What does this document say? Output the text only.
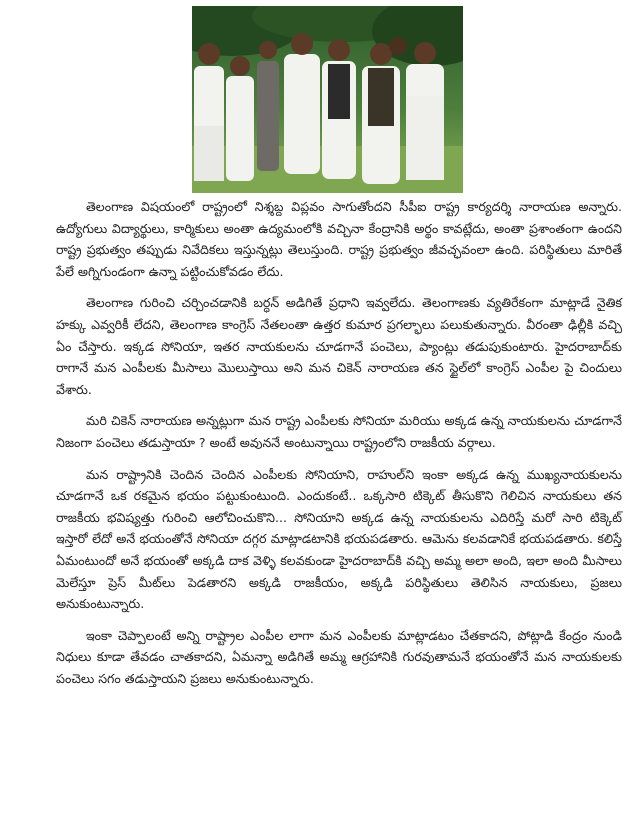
తెలంగాణ విషయంలో రాష్ట్రంలో నిశ్శబ్ద విప్లవం సాగుతోందని సీపీఐ రాష్ట్ర కార్యదర్శి నారాయణ అన్నారు. ఉద్యోగులు విద్యార్థులు, కార్మికులు అంతా ఉద్యమంలోకి వచ్చినా కేంద్రానికి అర్థం కావట్లేదు, అంతా ప్రశాంతంగా ఉందని రాష్ట్ర ప్రభుత్వం తప్పుడు నివేదికలు ఇస్తున్నట్లు తెలుస్తుంది. రాష్ట్ర ప్రభుత్వం జీవచ్ఛవంలా ఉంది. పరిస్థితులు మారితే పేలే అగ్నిగుండంగా ఉన్నా పట్టించుకోవడం లేదు.

తెలంగాణ గురించి చర్చించడానికి బర్ధన్ అడిగితే ప్రధాని ఇవ్వలేదు. తెలంగాణకు వ్యతిరేకంగా మాట్లాడే నైతిక హక్కు ఎవ్వరికీ లేదని, తెలంగాణ కాంగ్రెస్ నేతలంతా ఉత్తర కుమార ప్రగల్భాలు పలుకుతున్నారు. వీరంతా ఢిల్లీకి వచ్చి ఏం చేస్తారు. ఇక్కడ సోనియా, ఇతర నాయకులను చూడగానే పంచెలు, ప్యాంట్లు తడుపుకుంటారు. హైదరాబాద్‌కు రాగానే మన ఎంపీలకు మీసాలు మొలుస్తాయి అని మన చికెన్ నారాయణ తన స్టైల్‌లో కాంగ్రెస్ ఎంపీల పై చిందులు వేశారు.

మరి చికెన్ నారాయణ అన్నట్లుగా మన రాష్ట్ర ఎంపీలకు సోనియా మరియు అక్కడ ఉన్న నాయకులను చూడగానే నిజంగా పంచెలు తడుస్తాయా ? అంటే అవుననే అంటున్నాయి రాష్ట్రంలోని రాజకీయ వర్గాలు.

మన రాష్ట్రానికి చెందిన చెందిన ఎంపీలకు సోనియాని, రాహుల్‌ని ఇంకా అక్కడ ఉన్న ముఖ్యనాయకులను చూడగానే ఒక రకమైన భయం పట్టుకుంటుంది. ఎందుకంటే.. ఒక్కసారి టిక్కెట్ తీసుకొని గెలిచిన నాయకులు తన రాజకీయ భవిష్యత్తు గురించి ఆలోచించుకొని... సోనియాని అక్కడ ఉన్న నాయకులను ఎదిరిస్తే మరో సారి టిక్కెట్ ఇస్తారో లేదో అనే భయంతోనే సోనియా దగ్గర మాట్లాడటానికి భయపడతారు. ఆమెను కలవడానికే భయపడతారు. కలిస్తే ఏమంటుందో అనే భయంతో అక్కడి దాక వెళ్ళి కలవకుండా హైదరాబాద్‌కి వచ్చి అమ్మ అలా అంది, ఇలా అంది మీసాలు మెలేస్తూ ప్రెస్ మీట్‌లు పెడతారని అక్కడి రాజకీయం, అక్కడి పరిస్థితులు తెలిసిన నాయకులు, ప్రజలు అనుకుంటున్నారు.

ఇంకా చెప్పాలంటే అన్ని రాష్ట్రాల ఎంపీల లాగా మన ఎంపీలకు మాట్లాడటం చేతకాదని, పోట్లాడి కేంద్రం నుండి నిధులు కూడా తేవడం చాతకాదని, ఏమన్నా అడిగితే అమ్మ ఆగ్రహానికి గురవుతామనే భయంతోనే మన నాయకులకు పంచెలు సగం తడుస్తాయని ప్రజలు అనుకుంటున్నారు.
